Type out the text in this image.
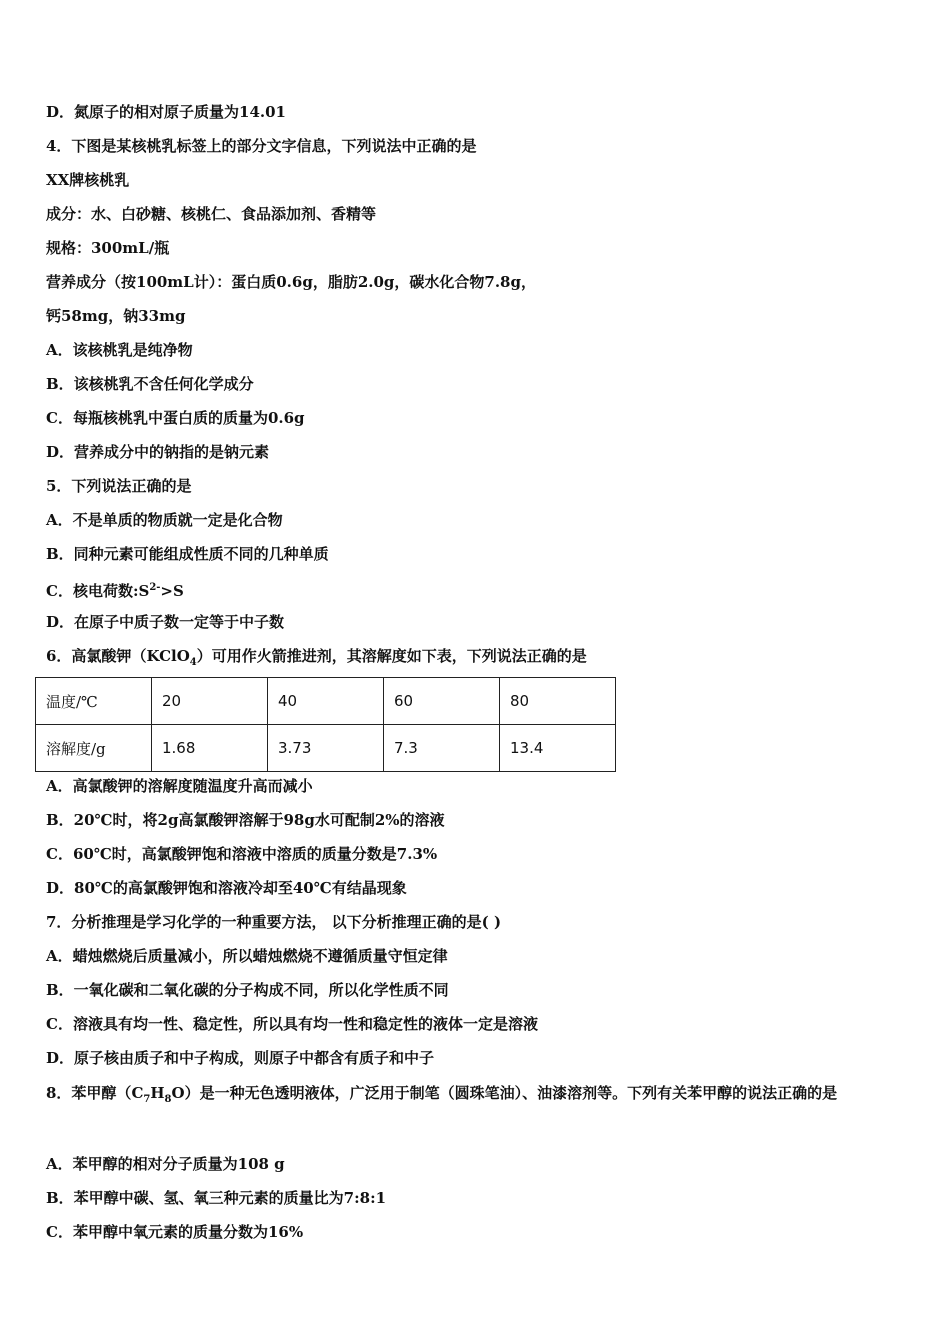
D．氮原子的相对原子质量为14.01
4．下图是某核桃乳标签上的部分文字信息，下列说法中正确的是
XX牌核桃乳
成分：水、白砂糖、核桃仁、食品添加剂、香精等
规格：300mL/瓶
营养成分（按100mL计）：蛋白质0.6g，脂肪2.0g，碳水化合物7.8g，
钙58mg，钠33mg
A．该核桃乳是纯净物
B．该核桃乳不含任何化学成分
C．每瓶核桃乳中蛋白质的质量为0.6g
D．营养成分中的钠指的是钠元素
5．下列说法正确的是
A．不是单质的物质就一定是化合物
B．同种元素可能组成性质不同的几种单质
C．核电荷数$:S^{2-}>S$
D．在原子中质子数一定等于中子数
6．高氯酸钾（KClO$_4$）可用作火箭推进剂，其溶解度如下表，下列说法正确的是
温度/℃	20	40	60	80
溶解度/g	1.68	3.73	7.3	13.4
A．高氯酸钾的溶解度随温度升高而减小
B．20℃时，将2g高氯酸钾溶解于98g水可配制2%的溶液
C．60℃时，高氯酸钾饱和溶液中溶质的质量分数是7.3%
D．80℃的高氯酸钾饱和溶液冷却至40℃有结晶现象
7．分析推理是学习化学的一种重要方法， 以下分析推理正确的是( )
A．蜡烛燃烧后质量减小，所以蜡烛燃烧不遵循质量守恒定律
B．一氧化碳和二氧化碳的分子构成不同，所以化学性质不同
C．溶液具有均一性、稳定性，所以具有均一性和稳定性的液体一定是溶液
D．原子核由质子和中子构成，则原子中都含有质子和中子
8．苯甲醇$(C_7H_8O)$是一种无色透明液体，广泛用于制笔（圆珠笔油）、油漆溶剂等。下列有关苯甲醇的说法正确的是
A．苯甲醇的相对分子质量为108 g
B．苯甲醇中碳、氢、氧三种元素的质量比为7:8:1
C．苯甲醇中氧元素的质量分数为16%
